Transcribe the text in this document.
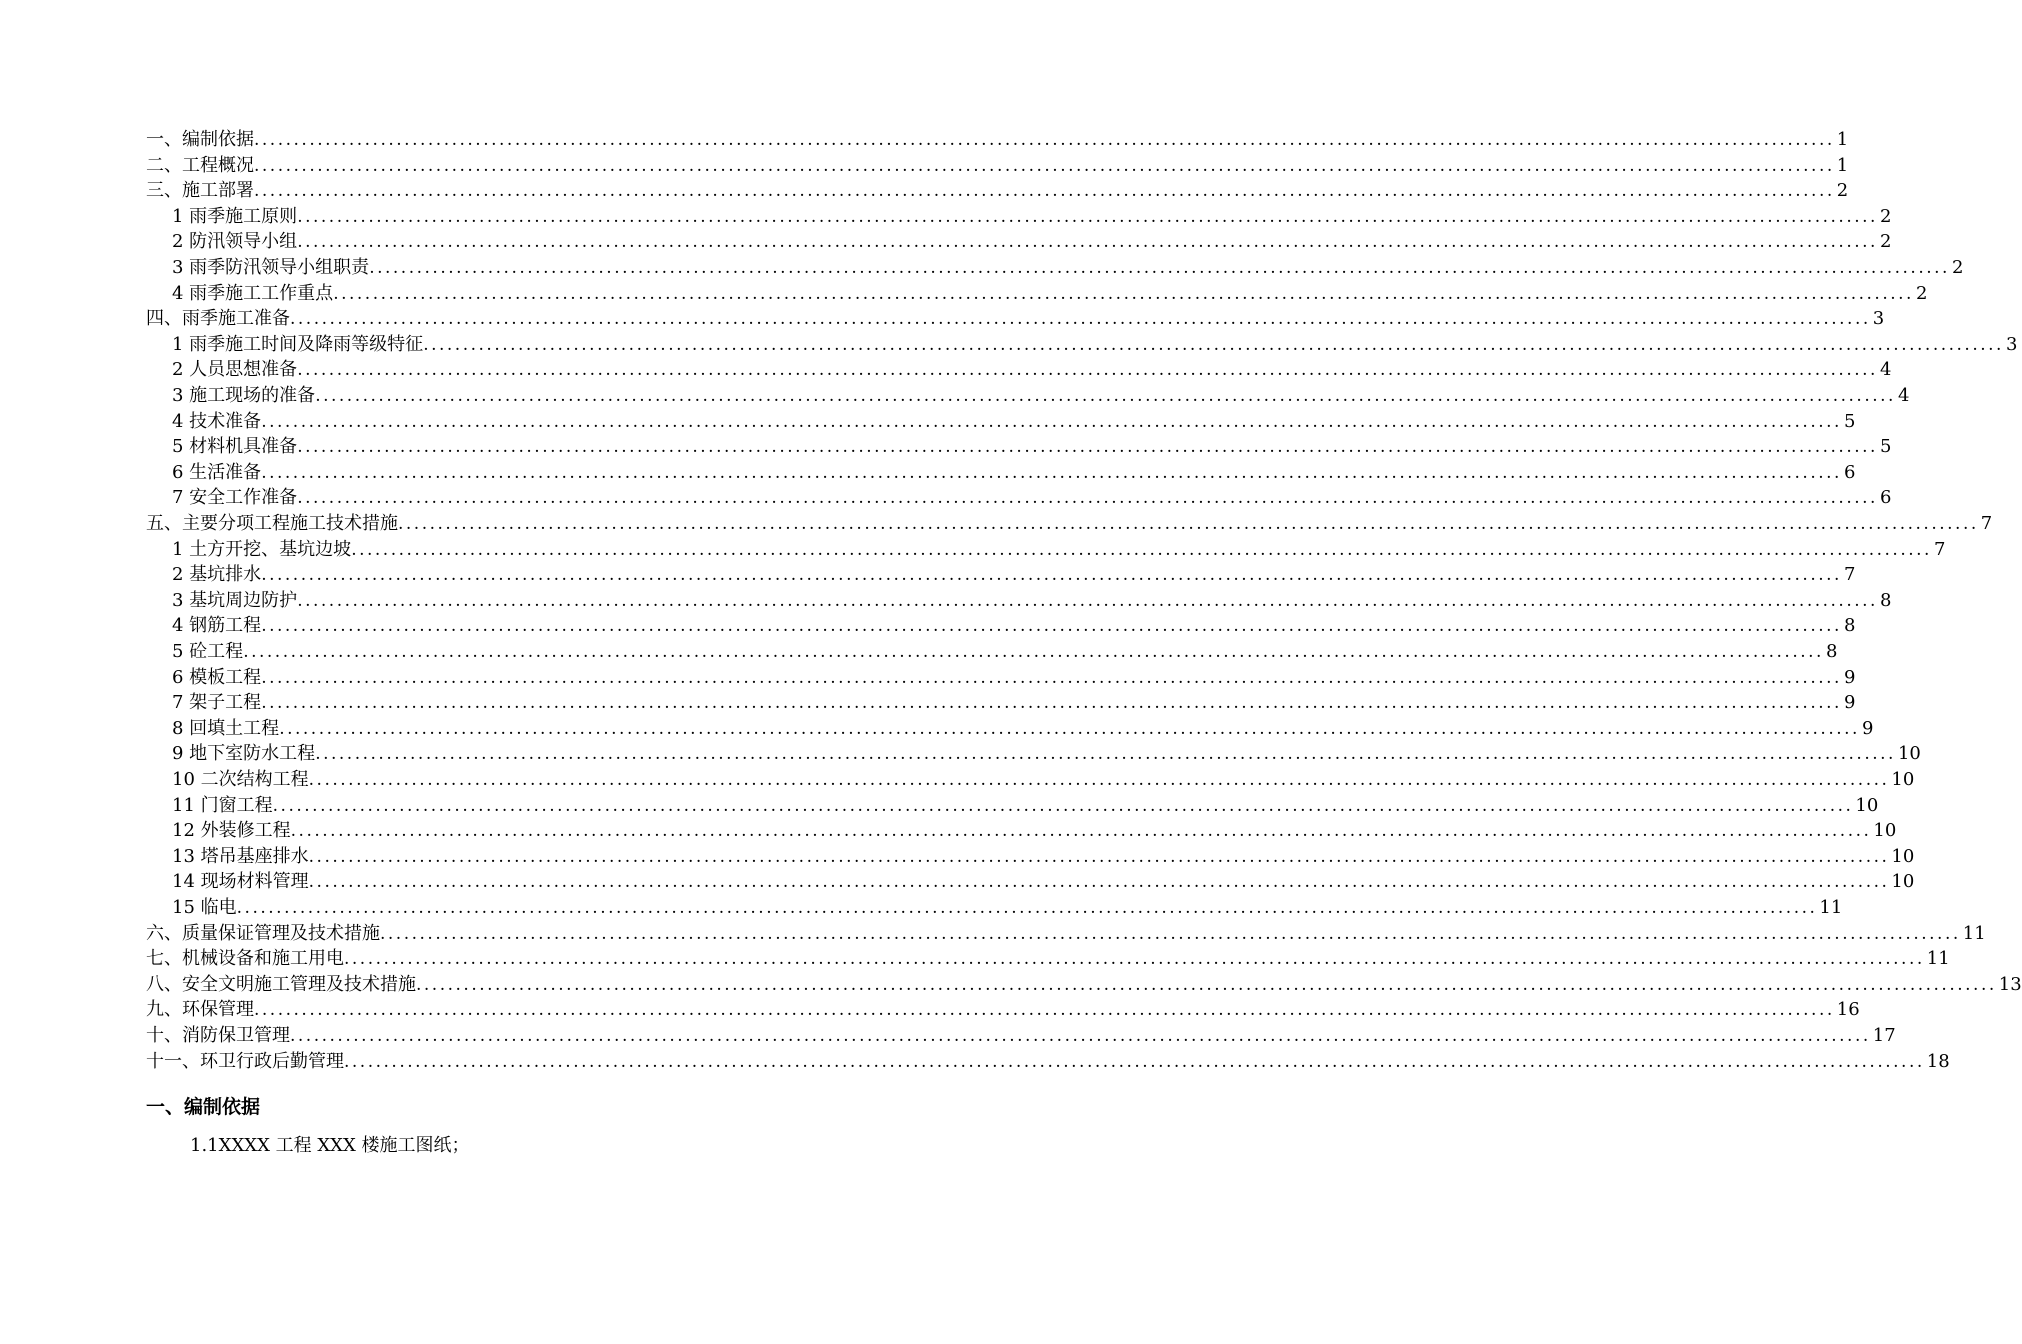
一、编制依据 ........................................................................................................................................................................................................ 1
二、工程概况 ........................................................................................................................................................................................................ 1
三、施工部署 ........................................................................................................................................................................................................ 2
1 雨季施工原则 ........................................................................................................................................................................................................ 2
2 防汛领导小组 ........................................................................................................................................................................................................ 2
3 雨季防汛领导小组职责 ........................................................................................................................................................................................................ 2
4 雨季施工工作重点 ........................................................................................................................................................................................................ 2
四、雨季施工准备 ........................................................................................................................................................................................................ 3
1 雨季施工时间及降雨等级特征 ........................................................................................................................................................................................................ 3
2 人员思想准备 ........................................................................................................................................................................................................ 4
3 施工现场的准备 ........................................................................................................................................................................................................ 4
4 技术准备 ........................................................................................................................................................................................................ 5
5 材料机具准备 ........................................................................................................................................................................................................ 5
6 生活准备 ........................................................................................................................................................................................................ 6
7 安全工作准备 ........................................................................................................................................................................................................ 6
五、主要分项工程施工技术措施 ........................................................................................................................................................................................................ 7
1 土方开挖、基坑边坡 ........................................................................................................................................................................................................ 7
2 基坑排水 ........................................................................................................................................................................................................ 7
3 基坑周边防护 ........................................................................................................................................................................................................ 8
4 钢筋工程 ........................................................................................................................................................................................................ 8
5 砼工程 ........................................................................................................................................................................................................ 8
6 模板工程 ........................................................................................................................................................................................................ 9
7 架子工程 ........................................................................................................................................................................................................ 9
8 回填土工程 ........................................................................................................................................................................................................ 9
9 地下室防水工程 ........................................................................................................................................................................................................ 10
10 二次结构工程 ........................................................................................................................................................................................................ 10
11 门窗工程 ........................................................................................................................................................................................................ 10
12 外装修工程 ........................................................................................................................................................................................................ 10
13 塔吊基座排水 ........................................................................................................................................................................................................ 10
14 现场材料管理 ........................................................................................................................................................................................................ 10
15 临电 ........................................................................................................................................................................................................ 11
六、质量保证管理及技术措施 ........................................................................................................................................................................................................ 11
七、机械设备和施工用电 ........................................................................................................................................................................................................ 11
八、安全文明施工管理及技术措施 ........................................................................................................................................................................................................ 13
九、环保管理 ........................................................................................................................................................................................................ 16
十、消防保卫管理 ........................................................................................................................................................................................................ 17
十一、环卫行政后勤管理 ........................................................................................................................................................................................................ 18
一、编制依据
1.1XXXX 工程 XXX 楼施工图纸；
